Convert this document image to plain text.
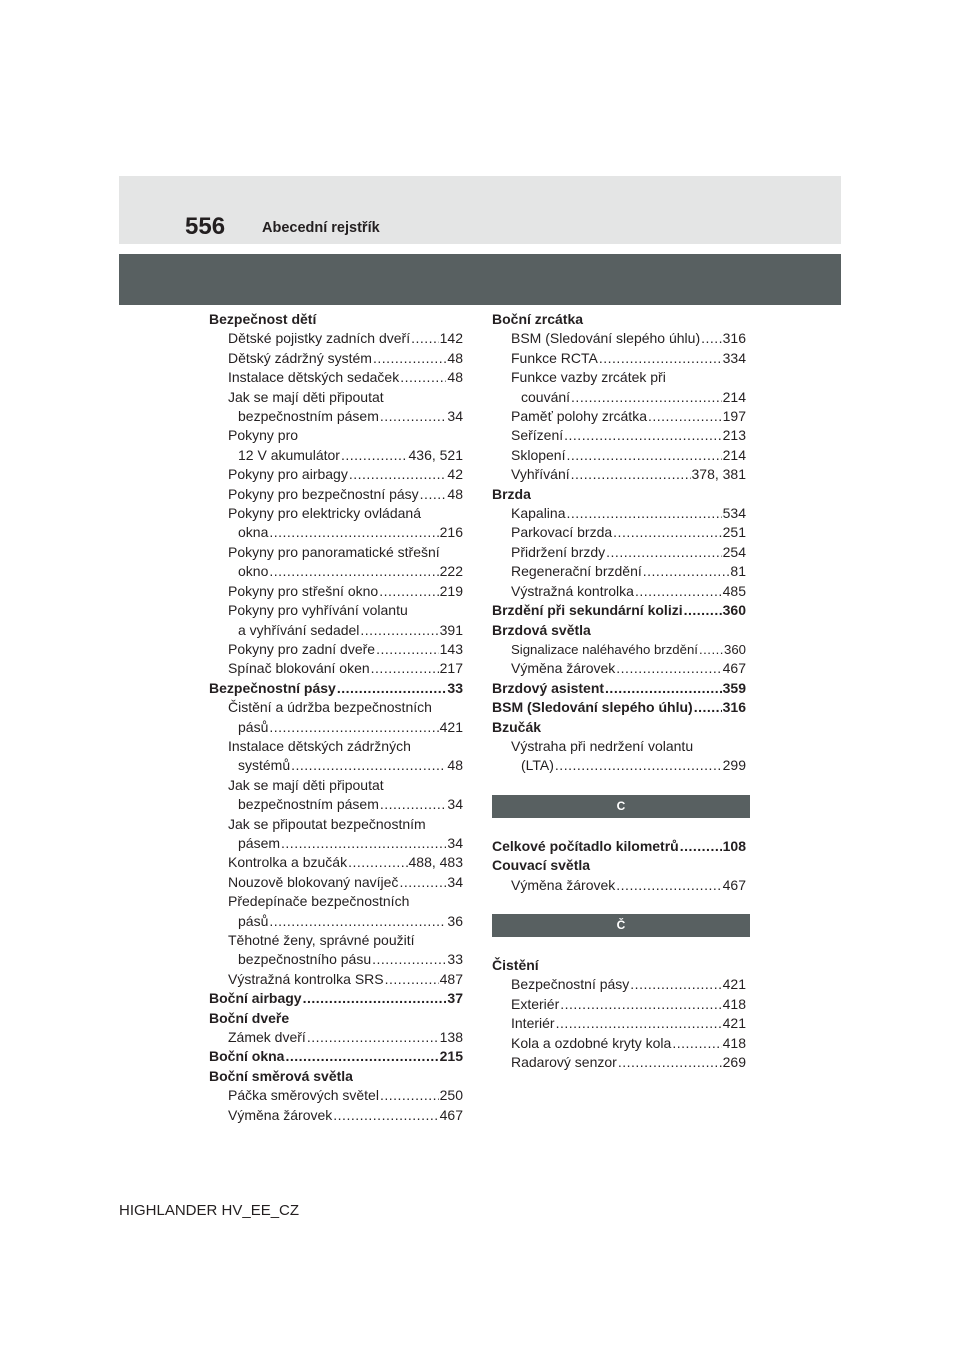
556	Abecední rejstřík
Bezpečnost dětí
Dětské pojistky zadních dveří ..... 142
Dětský zádržný systém .....	48
Instalace dětských sedaček .....	48
Jak se mají děti připoutat
bezpečnostním pásem .....	34
Pokyny pro
12 V akumulátor .....	436, 521
Pokyny pro airbagy .....	42
Pokyny pro bezpečnostní pásy ..... 48
Pokyny pro elektricky ovládaná
okna .....	216
Pokyny pro panoramatické střešní
okno .....	222
Pokyny pro střešní okno .....	219
Pokyny pro vyhřívání volantu
a vyhřívání sedadel .....	391
Pokyny pro zadní dveře .....	143
Spínač blokování oken .....	217
Bezpečnostní pásy .....	33
Čistění a údržba bezpečnostních
pásů .....	421
Instalace dětských zádržných
systémů .....	48
Jak se mají děti připoutat
bezpečnostním pásem .....	34
Jak se připoutat bezpečnostním
pásem .....	34
Kontrolka a bzučák .....	488, 483
Nouzově blokovaný navíječ .....	34
Předepínače bezpečnostních
pásů .....	36
Těhotné ženy, správné použití
bezpečnostního pásu .....	33
Výstražná kontrolka SRS .....	487
Boční airbagy .....	37
Boční dveře
Zámek dveří .....	138
Boční okna .....	215
Boční směrová světla
Páčka směrových světel .....	250
Výměna žárovek .....	467
Boční zrcátka
BSM (Sledování slepého úhlu) ..... 316
Funkce RCTA .....	334
Funkce vazby zrcátek při
couvání .....	214
Paměť polohy zrcátka .....	197
Seřízení .....	213
Sklopení .....	214
Vyhřívání .....	378, 381
Brzda
Kapalina .....	534
Parkovací brzda .....	251
Přidržení brzdy .....	254
Regenerační brzdění .....	81
Výstražná kontrolka .....	485
Brzdění při sekundární kolizi .....	360
Brzdová světla
Signalizace naléhavého brzdění ..... 360
Výměna žárovek .....	467
Brzdový asistent .....	359
BSM (Sledování slepého úhlu) ..... 316
Bzučák
Výstraha při nedržení volantu
(LTA) .....	299
C
Celkové počítadlo kilometrů .....	108
Couvací světla
Výměna žárovek .....	467
Č
Čistění
Bezpečnostní pásy .....	421
Exteriér .....	418
Interiér .....	421
Kola a ozdobné kryty kola .....	418
Radarový senzor .....	269
HIGHLANDER HV_EE_CZ
